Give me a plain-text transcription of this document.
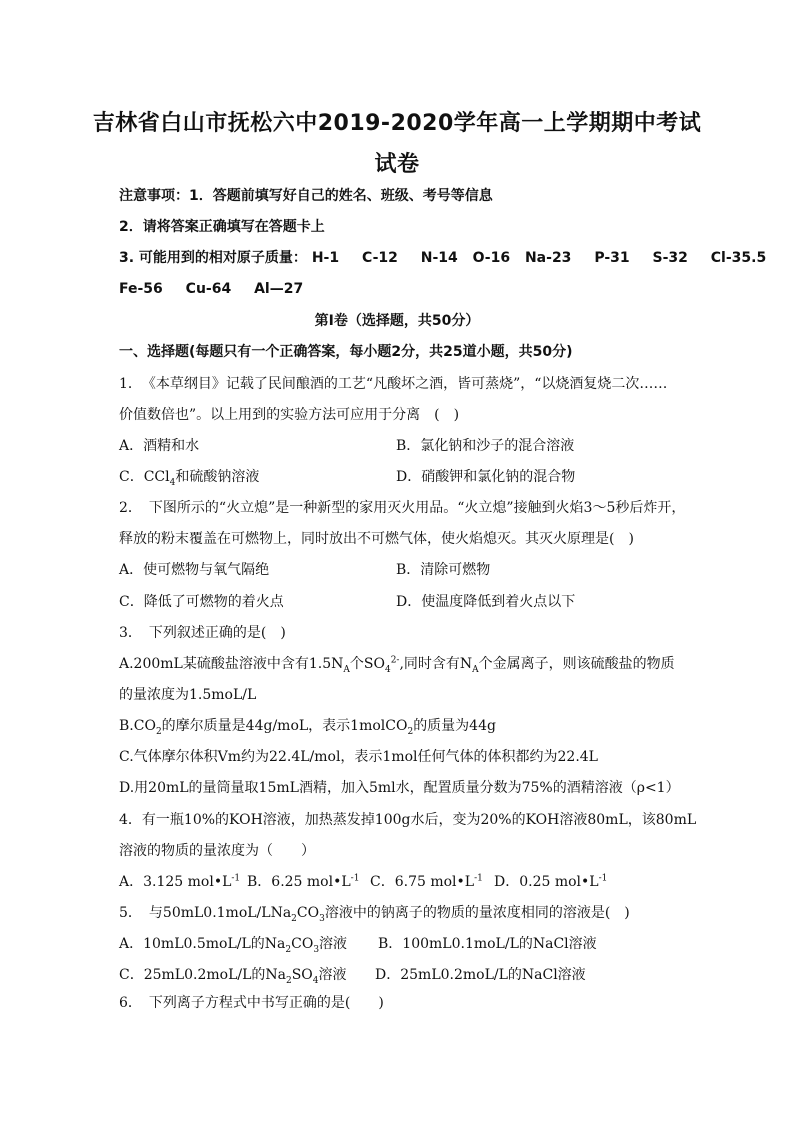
吉林省白山市抚松六中2019-2020学年高一上学期期中考试
试卷
注意事项：1．答题前填写好自己的姓名、班级、考号等信息
2．请将答案正确填写在答题卡上
3. 可能用到的相对原子质量： H-1 C-12 N-14 O-16 Na-23 P-31 S-32 Cl-35.5
Fe-56 Cu-64 Al—27
第Ⅰ卷（选择题，共50分）
一、选择题(每题只有一个正确答案，每小题2分，共25道小题，共50分)
1．　《本草纲目》记载了民间酿酒的工艺“凡酸坏之酒，皆可蒸烧”，“以烧酒复烧二次……
价值数倍也”。以上用到的实验方法可应用于分离　(　)
A．酒精和水	B．氯化钠和沙子的混合溶液
C．CCl$_4$和硫酸钠溶液	D．硝酸钾和氯化钠的混合物
2．　下图所示的“火立熄”是一种新型的家用灭火用品。“火立熄”接触到火焰3～5秒后炸开，
释放的粉末覆盖在可燃物上，同时放出不可燃气体，使火焰熄灭。其灭火原理是(　)
A．使可燃物与氧气隔绝	B．清除可燃物
C．降低了可燃物的着火点	D．使温度降低到着火点以下
3．　下列叙述正确的是(　)
A.200mL某硫酸盐溶液中含有$1.5N_A$个$SO_4^{2-}$,同时含有$N_A$个金属离子，则该硫酸盐的物质
的量浓度为1.5moL/L
$B.CO_2$的摩尔质量是44g/moL，表示1molCO$_2$的质量为44g
C.气体摩尔体积Vm约为22.4L/mol，表示1mol任何气体的体积都约为22.4L
D.用20mL的量筒量取15mL酒精，加入5ml水，配置质量分数为75%的酒精溶液（ρ<1）
4．有一瓶10%的KOH溶液，加热蒸发掉100g水后，变为20%的KOH溶液80mL，该80mL
溶液的物质的量浓度为（　　）
A．3.125 $mol•L^{-1}$ B．6.25 $mol•L^{-1}$ C．6.75 $mol•L^{-1}$ D．0.25 $mol•L^{-1}$
5．　与$50mL0.1moL/LNa_2CO_3$溶液中的钠离子的物质的量浓度相同的溶液是(　)
A．10mL0.5moL/L的$Na_2CO_3$溶液 B．100mL0.1moL/L的NaCl溶液
C．25mL0.2moL/L的$Na_2SO_4$溶液 D．25mL0.2moL/L的NaCl溶液
6．　下列离子方程式中书写正确的是(　　)
